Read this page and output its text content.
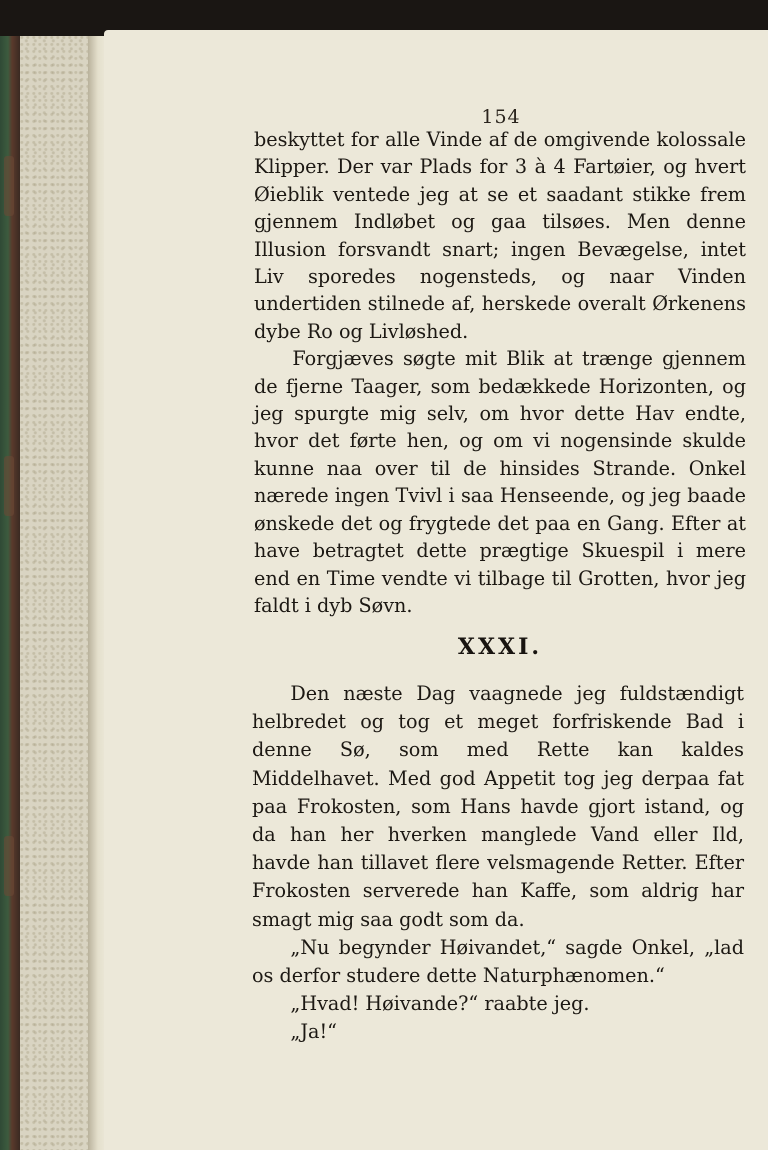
154

beskyttet for alle Vinde af de omgivende kolossale Klipper. Der var Plads for 3 à 4 Fartøier, og hvert Øieblik ventede jeg at se et saadant stikke frem gjennem Indløbet og gaa tilsøes. Men denne Illusion forsvandt snart; ingen Bevægelse, intet Liv sporedes nogensteds, og naar Vinden undertiden stilnede af, herskede overalt Ørkenens dybe Ro og Livløshed.

Forgjæves søgte mit Blik at trænge gjennem de fjerne Taager, som bedækkede Horizonten, og jeg spurgte mig selv, om hvor dette Hav endte, hvor det førte hen, og om vi nogensinde skulde kunne naa over til de hinsides Strande. Onkel nærede ingen Tvivl i saa Henseende, og jeg baade ønskede det og frygtede det paa en Gang. Efter at have betragtet dette prægtige Skuespil i mere end en Time vendte vi tilbage til Grotten, hvor jeg faldt i dyb Søvn.

XXXI.

Den næste Dag vaagnede jeg fuldstændigt helbredet og tog et meget forfriskende Bad i denne Sø, som med Rette kan kaldes Middelhavet. Med god Appetit tog jeg derpaa fat paa Frokosten, som Hans havde gjort istand, og da han her hverken manglede Vand eller Ild, havde han tillavet flere velsmagende Retter. Efter Frokosten serverede han Kaffe, som aldrig har smagt mig saa godt som da.

„Nu begynder Høivandet,“ sagde Onkel, „lad os derfor studere dette Naturphænomen.“

„Hvad! Høivande?“ raabte jeg.

„Ja!“
